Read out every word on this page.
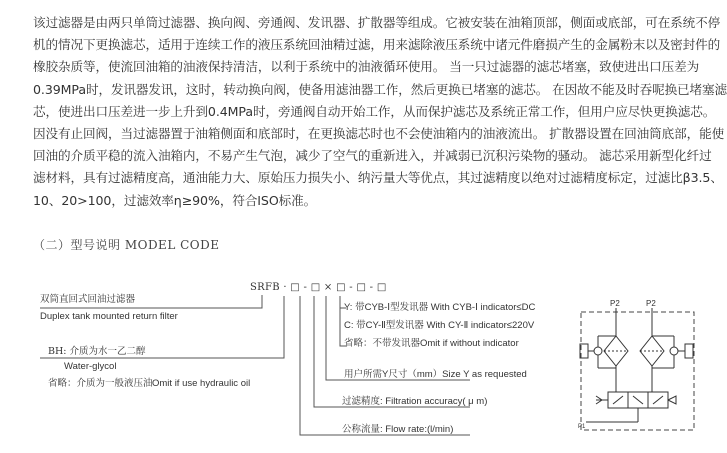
该过滤器是由两只单筒过滤器、换向阀、旁通阀、发讯器、扩散器等组成。它被安装在油箱顶部，侧面或底部，可在系统不停
机的情况下更换滤芯，适用于连续工作的液压系统回油精过滤，用来滤除液压系统中诸元件磨损产生的金属粉末以及密封件的
橡胶杂质等，使流回油箱的油液保持清洁，以利于系统中的油液循环使用。 当一只过滤器的滤芯堵塞，致使进出口压差为
0.39MPa时，发讯器发讯，这时，转动换向阀，使备用滤油器工作，然后更换已堵塞的滤芯。 在因故不能及时吞呢换已堵塞滤
芯，使进出口压差进一步上升到0.4MPa时，旁通阀自动开始工作，从而保护滤芯及系统正常工作，但用户应尽快更换滤芯。
因没有止回阀，当过滤器置于油箱侧面和底部时，在更换滤芯时也不会使油箱内的油液流出。 扩散器设置在回油筒底部，能使
回油的介质平稳的流入油箱内，不易产生气泡，减少了空气的重新进入，并减弱已沉积污染物的骚动。 滤芯采用新型化纤过
滤材料，具有过滤精度高，通油能力大、原始压力损失小、纳污量大等优点，其过滤精度以绝对过滤精度标定，过滤比β3.5、
10、20>100，过滤效率η≥90%，符合ISO标准。
（二）型号说明 MODEL CODE
SRFB · □ - □ × □ - □ - □
双筒直回式回油过滤器
Duplex tank mounted return filter
BH: 介质为水一乙二醇
Water-glycol
省略：介质为一般液压油 Omit if use hydraulic oil
Y: 带CYB-Ⅰ型发讯器 With CYB-Ⅰ indicator≤DC
C: 带CY-Ⅱ型发讯器 With CY-Ⅱ indicator≤220V
省略：不带发讯器Omit if without indicator
用户所需Y尺寸（mm）Size Y as requested
过滤精度: Filtration accuracy( μ m)
公称流量: Flow rate:(l/min)
P2	P2
P1
